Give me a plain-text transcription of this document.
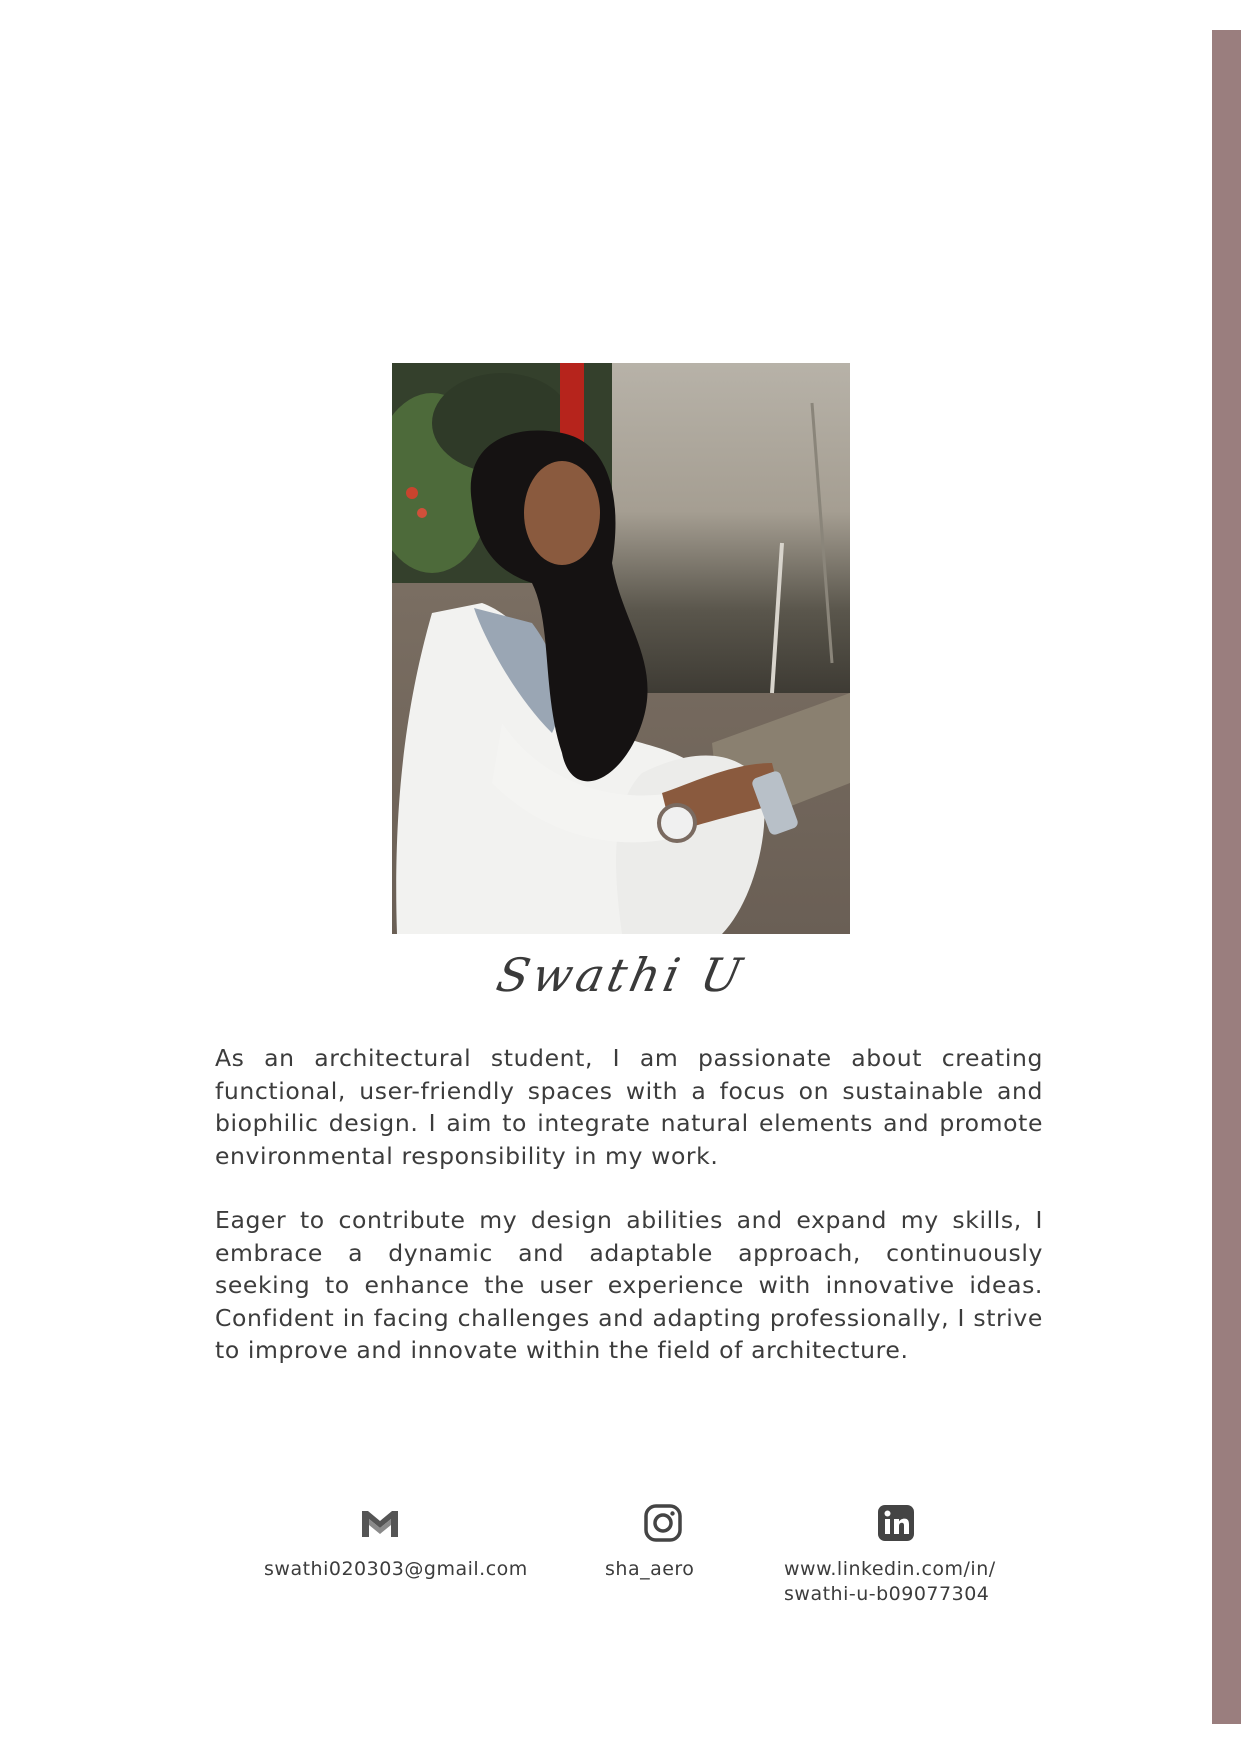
Swathi U

As an architectural student, I am passionate about creating functional, user-friendly spaces with a focus on sustainable and biophilic design. I aim to integrate natural elements and promote environmental responsibility in my work.

Eager to contribute my design abilities and expand my skills, I embrace a dynamic and adaptable approach, continuously seeking to enhance the user experience with innovative ideas. Confident in facing challenges and adapting professionally, I strive to improve and innovate within the field of architecture.

swathi020303@gmail.com	sha_aero	www.linkedin.com/in/
swathi-u-b09077304
